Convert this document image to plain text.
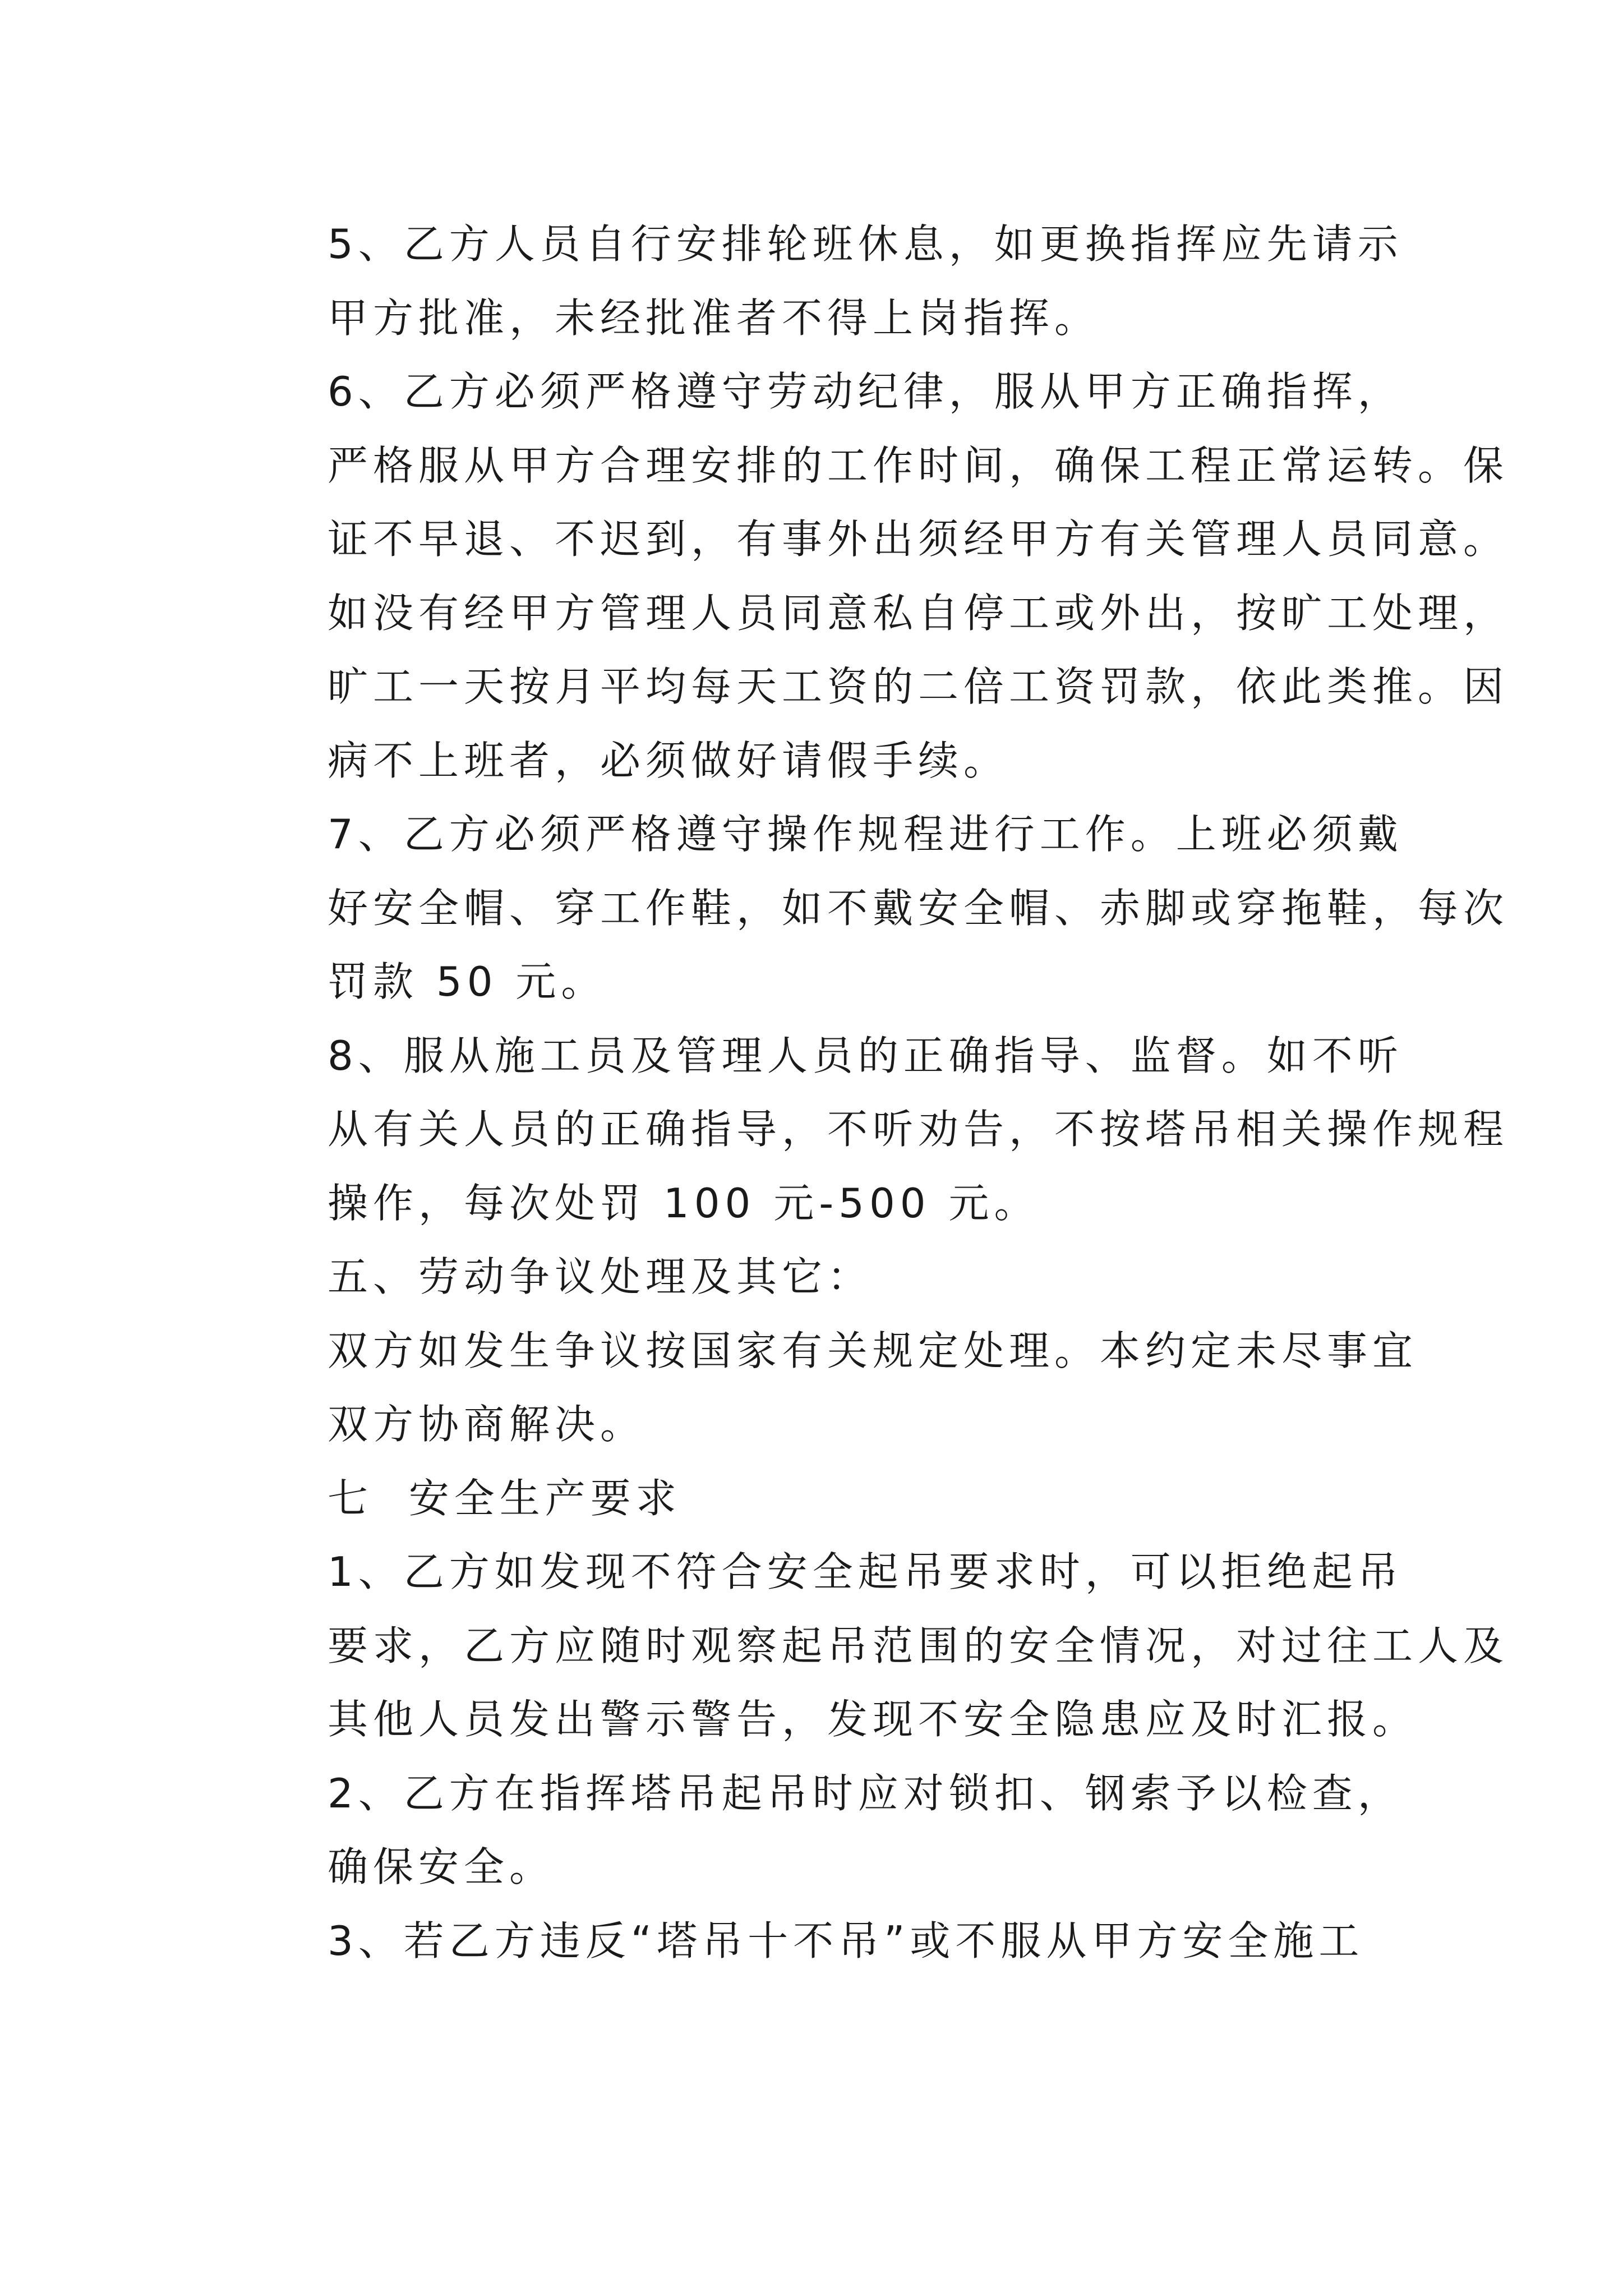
5、乙方人员自行安排轮班休息，如更换指挥应先请示
甲方批准，未经批准者不得上岗指挥。

6、乙方必须严格遵守劳动纪律，服从甲方正确指挥，
严格服从甲方合理安排的工作时间，确保工程正常运转。保
证不早退、不迟到，有事外出须经甲方有关管理人员同意。
如没有经甲方管理人员同意私自停工或外出，按旷工处理，
旷工一天按月平均每天工资的二倍工资罚款，依此类推。因
病不上班者，必须做好请假手续。

7、乙方必须严格遵守操作规程进行工作。上班必须戴
好安全帽、穿工作鞋，如不戴安全帽、赤脚或穿拖鞋，每次
罚款 50 元。

8、服从施工员及管理人员的正确指导、监督。如不听
从有关人员的正确指导，不听劝告，不按塔吊相关操作规程
操作，每次处罚 100 元-500 元。

五、劳动争议处理及其它：

双方如发生争议按国家有关规定处理。本约定未尽事宜
双方协商解决。

七  安全生产要求

1、乙方如发现不符合安全起吊要求时，可以拒绝起吊
要求，乙方应随时观察起吊范围的安全情况，对过往工人及
其他人员发出警示警告，发现不安全隐患应及时汇报。

2、乙方在指挥塔吊起吊时应对锁扣、钢索予以检查，
确保安全。

3、若乙方违反“塔吊十不吊”或不服从甲方安全施工
